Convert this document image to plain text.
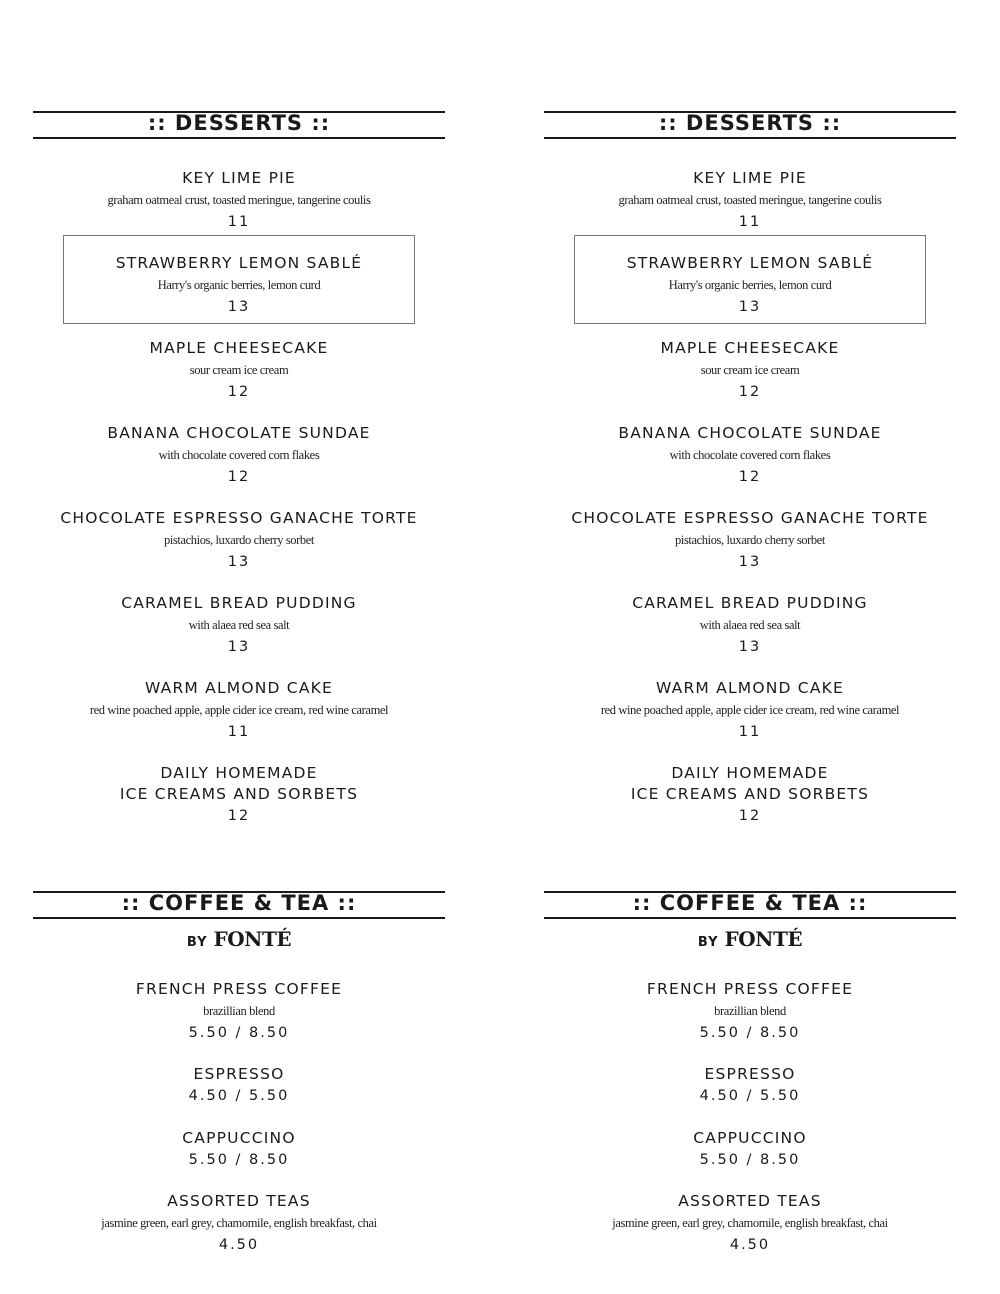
:: DESSERTS ::
KEY LIME PIE
graham oatmeal crust, toasted meringue, tangerine coulis
11
STRAWBERRY LEMON SABLÉ
Harry's organic berries, lemon curd
13
MAPLE CHEESECAKE
sour cream ice cream
12
BANANA CHOCOLATE SUNDAE
with chocolate covered corn flakes
12
CHOCOLATE ESPRESSO GANACHE TORTE
pistachios, luxardo cherry sorbet
13
CARAMEL BREAD PUDDING
with alaea red sea salt
13
WARM ALMOND CAKE
red wine poached apple, apple cider ice cream, red wine caramel
11
DAILY HOMEMADE
ICE CREAMS AND SORBETS
12
:: COFFEE & TEA ::
BY FONTÉ
FRENCH PRESS COFFEE
brazillian blend
5.50 / 8.50
ESPRESSO
4.50 / 5.50
CAPPUCCINO
5.50 / 8.50
ASSORTED TEAS
jasmine green, earl grey, chamomile, english breakfast, chai
4.50
:: DESSERTS ::
KEY LIME PIE
graham oatmeal crust, toasted meringue, tangerine coulis
11
STRAWBERRY LEMON SABLÉ
Harry's organic berries, lemon curd
13
MAPLE CHEESECAKE
sour cream ice cream
12
BANANA CHOCOLATE SUNDAE
with chocolate covered corn flakes
12
CHOCOLATE ESPRESSO GANACHE TORTE
pistachios, luxardo cherry sorbet
13
CARAMEL BREAD PUDDING
with alaea red sea salt
13
WARM ALMOND CAKE
red wine poached apple, apple cider ice cream, red wine caramel
11
DAILY HOMEMADE
ICE CREAMS AND SORBETS
12
:: COFFEE & TEA ::
BY FONTÉ
FRENCH PRESS COFFEE
brazillian blend
5.50 / 8.50
ESPRESSO
4.50 / 5.50
CAPPUCCINO
5.50 / 8.50
ASSORTED TEAS
jasmine green, earl grey, chamomile, english breakfast, chai
4.50
